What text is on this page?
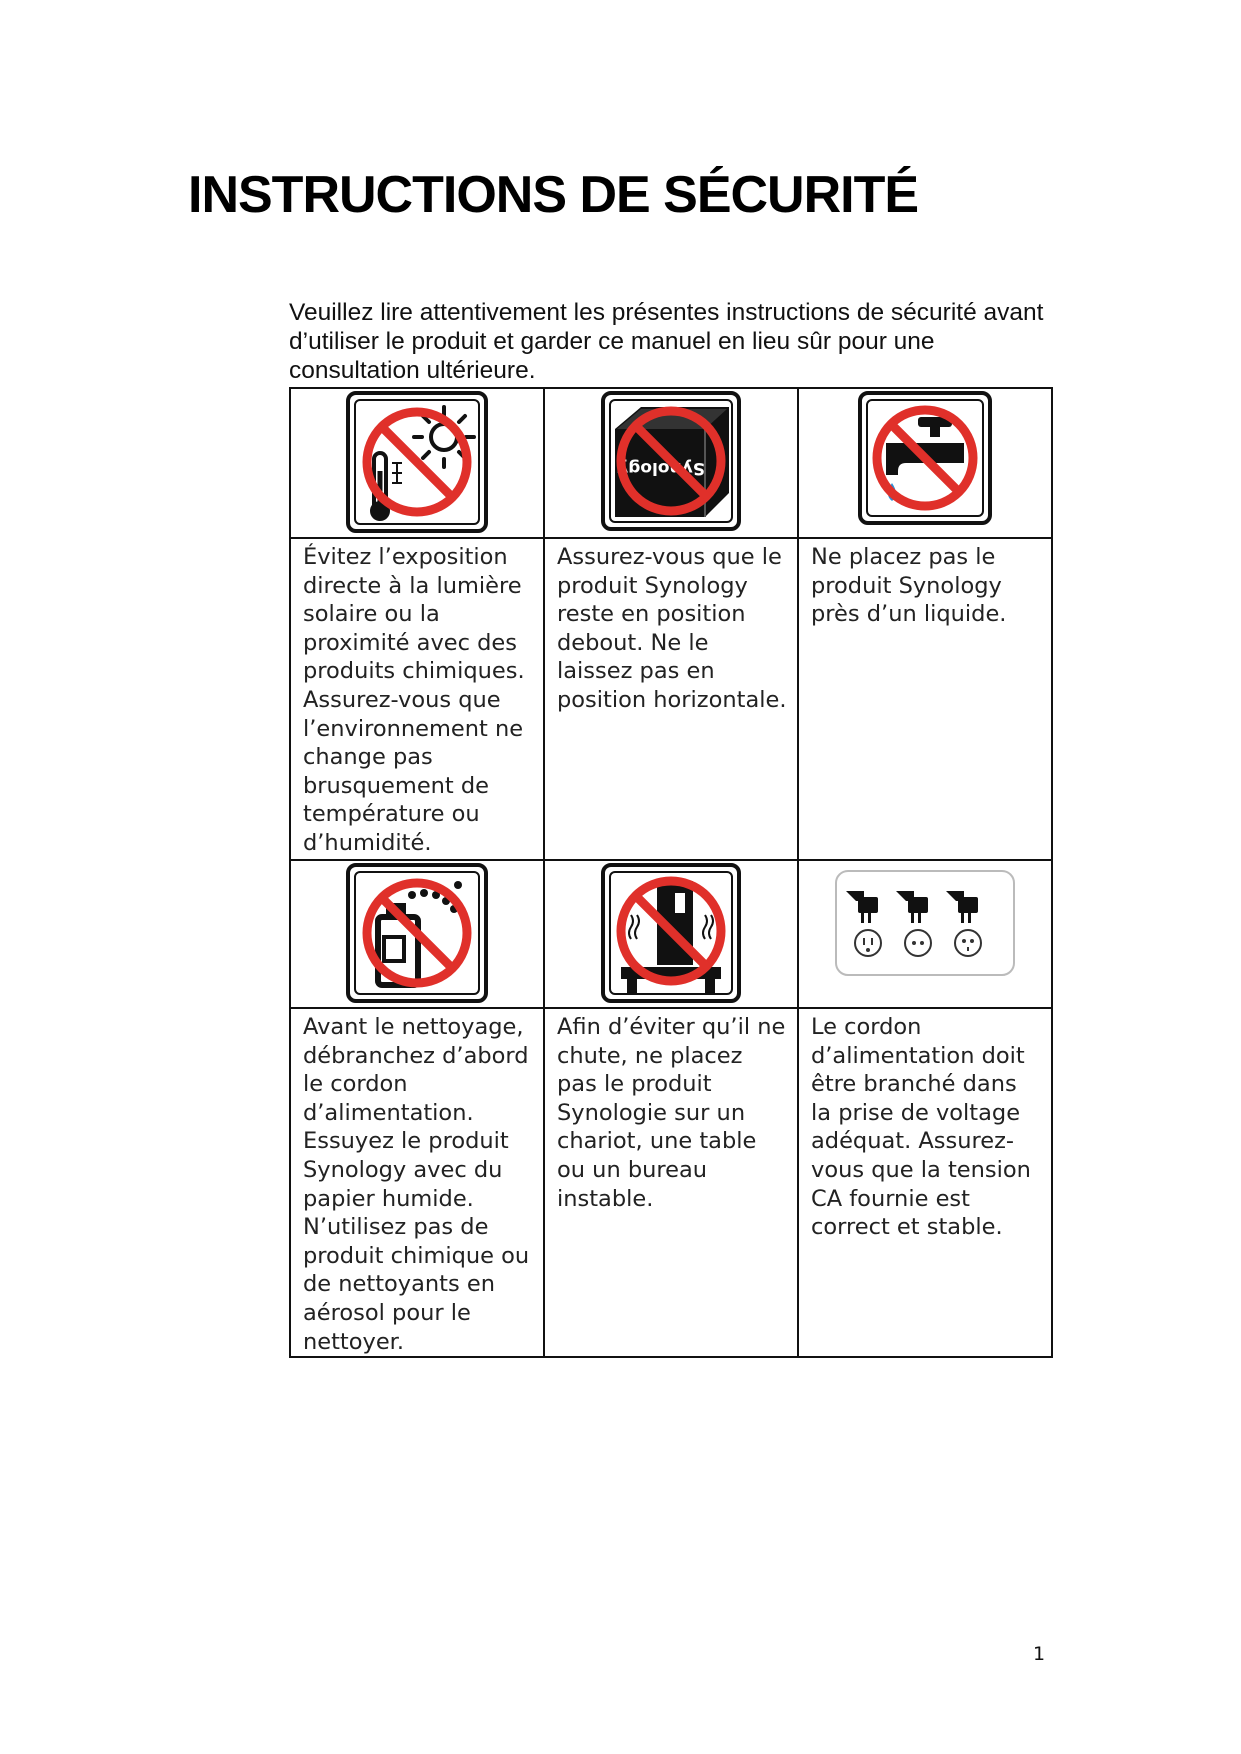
INSTRUCTIONS DE SÉCURITÉ

Veuillez lire attentivement les présentes instructions de sécurité avant d’utiliser le produit et garder ce manuel en lieu sûr pour une consultation ultérieure.

Synology

Évitez l’exposition directe à la lumière solaire ou la proximité avec des produits chimiques. Assurez-vous que l’environnement ne change pas brusquement de température ou d’humidité.	Assurez-vous que le produit Synology reste en position debout. Ne le laissez pas en position horizontale.	Ne placez pas le produit Synology près d’un liquide.

Avant le nettoyage, débranchez d’abord le cordon d’alimentation. Essuyez le produit Synology avec du papier humide. N’utilisez pas de produit chimique ou de nettoyants en aérosol pour le nettoyer.	Afin d’éviter qu’il ne chute, ne placez pas le produit Synologie sur un chariot, une table ou un bureau instable.	Le cordon d’alimentation doit être branché dans la prise de voltage adéquat. Assurez-vous que la tension CA fournie est correct et stable.

1
